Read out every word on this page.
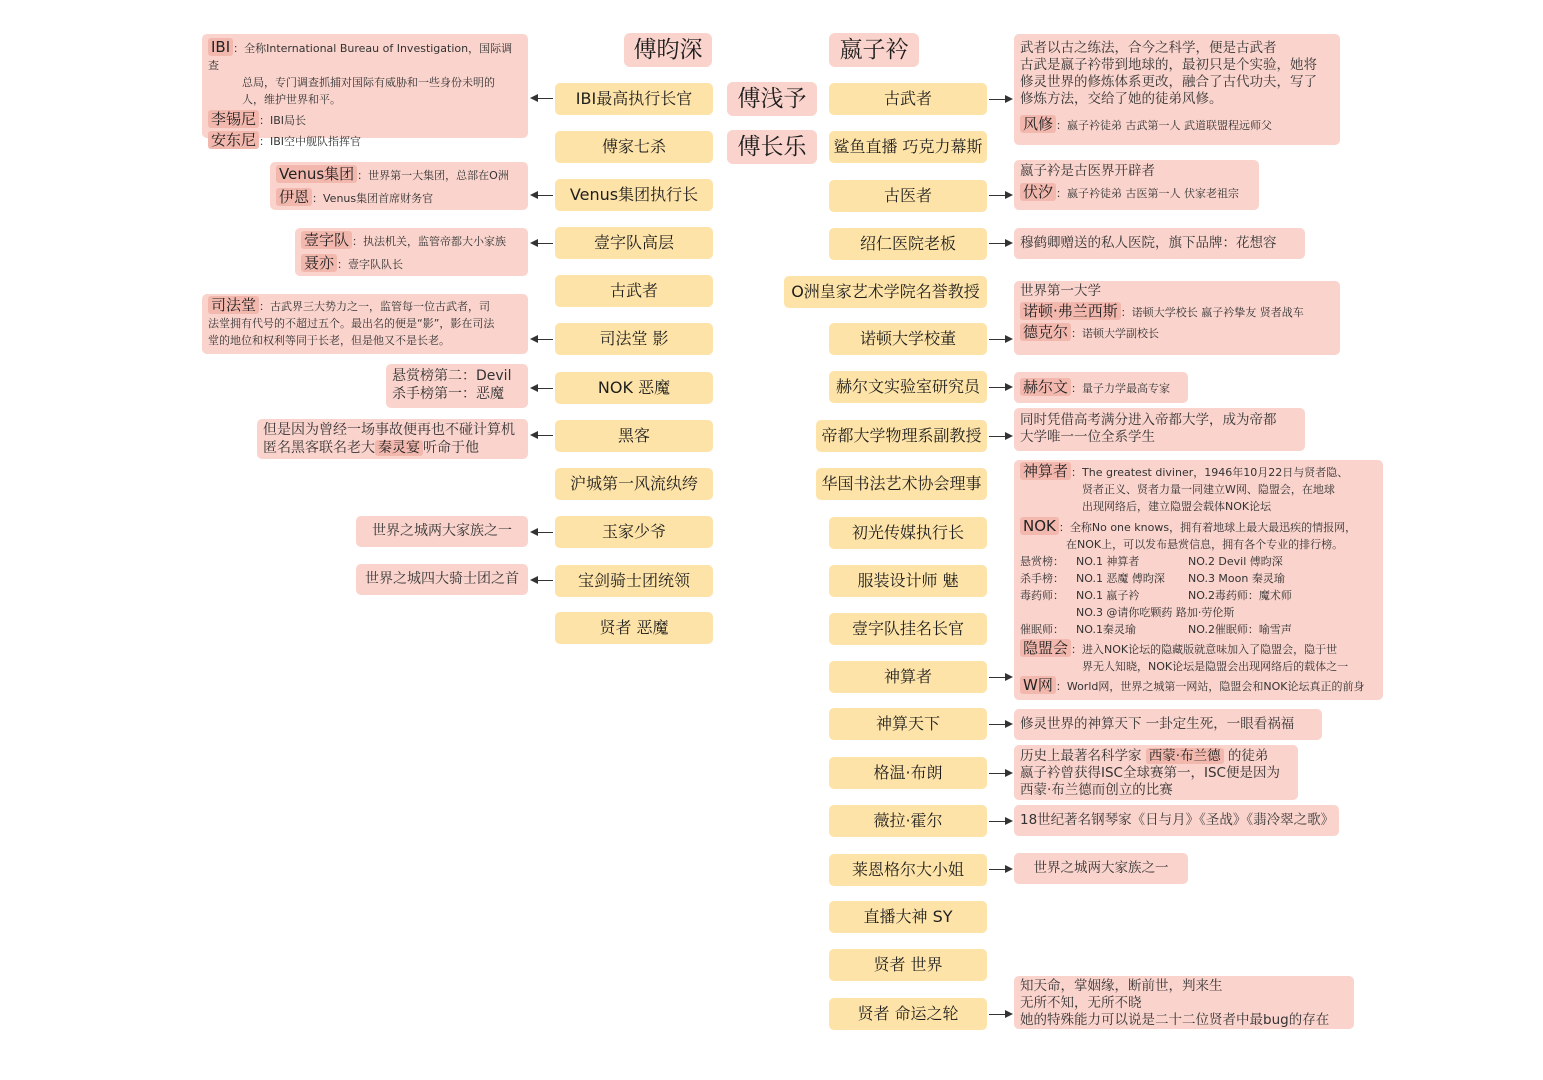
傅昀深	嬴子衿
傅浅予
傅长乐
IBI最高执行长官
傅家七杀
Venus集团执行长
壹字队高层
古武者
司法堂 影
NOK 恶魔
黑客
沪城第一风流纨绔
玉家少爷
宝剑骑士团统领
贤者 恶魔
古武者
鲨鱼直播 巧克力幕斯
古医者
绍仁医院老板
O洲皇家艺术学院名誉教授
诺顿大学校董
赫尔文实验室研究员
帝都大学物理系副教授
华国书法艺术协会理事
初光传媒执行长
服装设计师 魅
壹字队挂名长官
神算者
神算天下
格温·布朗
薇拉·霍尔
莱恩格尔大小姐
直播大神 SY
贤者 世界
贤者 命运之轮
IBI ：全称International Bureau of Investigation，国际调查
总局，专门调查抓捕对国际有威胁和一些身份未明的
人，维护世界和平。
李锡尼 ：IBI局长
安东尼 ：IBI空中舰队指挥官
Venus集团 ：世界第一大集团，总部在O洲
伊恩 ：Venus集团首席财务官
壹字队 ：执法机关，监管帝都大小家族
聂亦 ：壹字队队长
司法堂 ：古武界三大势力之一，监管每一位古武者，司
法堂拥有代号的不超过五个。最出名的便是“影”，影在司法
堂的地位和权利等同于长老，但是他又不是长老。
悬赏榜第二：Devil
杀手榜第一：恶魔
但是因为曾经一场事故便再也不碰计算机
匿名黑客联名老大 秦灵宴 听命于他
世界之城两大家族之一
世界之城四大骑士团之首
武者以古之练法，合今之科学，便是古武者
古武是嬴子衿带到地球的，最初只是个实验，她将
修灵世界的修炼体系更改，融合了古代功夫，写了
修炼方法，交给了她的徒弟风修。
风修 ：嬴子衿徒弟 古武第一人 武道联盟程远师父
嬴子衿是古医界开辟者
伏汐 ：嬴子衿徒弟 古医第一人 伏家老祖宗
穆鹤卿赠送的私人医院，旗下品牌：花想容
世界第一大学
诺顿·弗兰西斯 ：诺顿大学校长 嬴子衿挚友 贤者战车
德克尔 ：诺顿大学副校长
赫尔文 ：量子力学最高专家
同时凭借高考满分进入帝都大学，成为帝都
大学唯一一位全系学生
神算者 ：The greatest diviner，1946年10月22日与贤者隐、
贤者正义、贤者力量一同建立W网、隐盟会，在地球
出现网络后，建立隐盟会载体NOK论坛
NOK ：全称No one knows，拥有着地球上最大最迅疾的情报网，
在NOK上，可以发布悬赏信息，拥有各个专业的排行榜。
悬赏榜：	NO.1 神算者	NO.2 Devil 傅昀深
杀手榜：	NO.1 恶魔 傅昀深	NO.3 Moon 秦灵瑜
毒药师：	NO.1 嬴子衿	NO.2毒药师：魔术师
	NO.3 @请你吃颗药 路加·劳伦斯	
催眠师：	NO.1秦灵瑜	NO.2催眠师：喻雪声
隐盟会 ：进入NOK论坛的隐藏版就意味加入了隐盟会，隐于世
界无人知晓，NOK论坛是隐盟会出现网络后的载体之一
W网 ：World网，世界之城第一网站，隐盟会和NOK论坛真正的前身
修灵世界的神算天下 一卦定生死，一眼看祸福
历史上最著名科学家 西蒙·布兰德 的徒弟
嬴子衿曾获得ISC全球赛第一，ISC便是因为
西蒙·布兰德而创立的比赛
18世纪著名钢琴家《日与月》《圣战》《翡冷翠之歌》
世界之城两大家族之一
知天命，掌姻缘，断前世，判来生
无所不知，无所不晓
她的特殊能力可以说是二十二位贤者中最bug的存在
